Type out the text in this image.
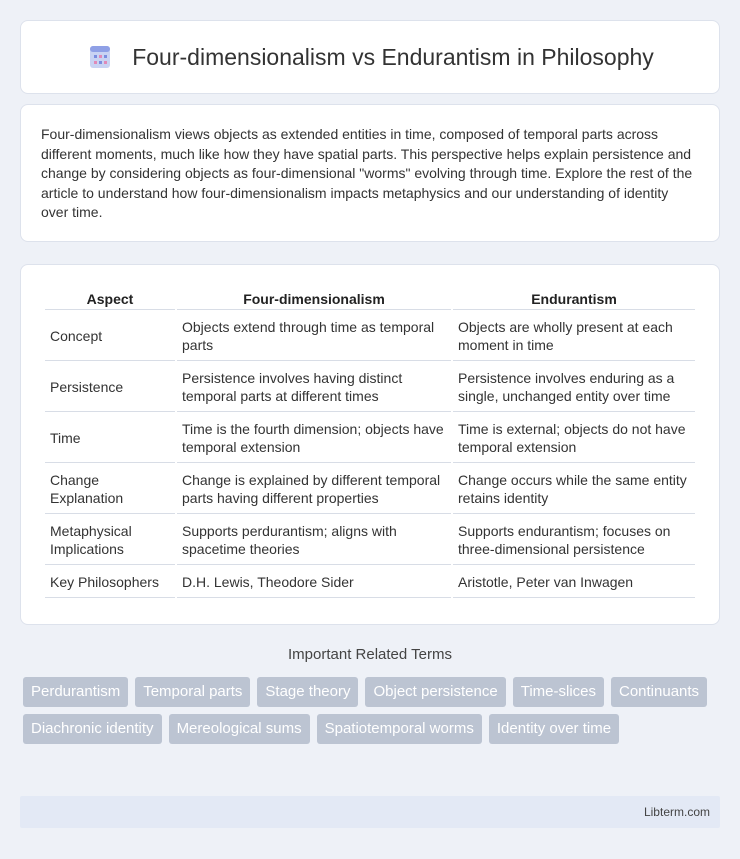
Four-dimensionalism vs Endurantism in Philosophy

Four-dimensionalism views objects as extended entities in time, composed of temporal parts across different moments, much like how they have spatial parts. This perspective helps explain persistence and change by considering objects as four-dimensional "worms" evolving through time. Explore the rest of the article to understand how four-dimensionalism impacts metaphysics and our understanding of identity over time.

Aspect	Four-dimensionalism	Endurantism
Concept	Objects extend through time as temporal parts	Objects are wholly present at each moment in time
Persistence	Persistence involves having distinct temporal parts at different times	Persistence involves enduring as a single, unchanged entity over time
Time	Time is the fourth dimension; objects have temporal extension	Time is external; objects do not have temporal extension
Change Explanation	Change is explained by different temporal parts having different properties	Change occurs while the same entity retains identity
Metaphysical Implications	Supports perdurantism; aligns with spacetime theories	Supports endurantism; focuses on three-dimensional persistence
Key Philosophers	D.H. Lewis, Theodore Sider	Aristotle, Peter van Inwagen
Important Related Terms
Perdurantism	Temporal parts	Stage theory	Object persistence	Time-slices	Continuants
Diachronic identity	Mereological sums	Spatiotemporal worms	Identity over time
Libterm.com
